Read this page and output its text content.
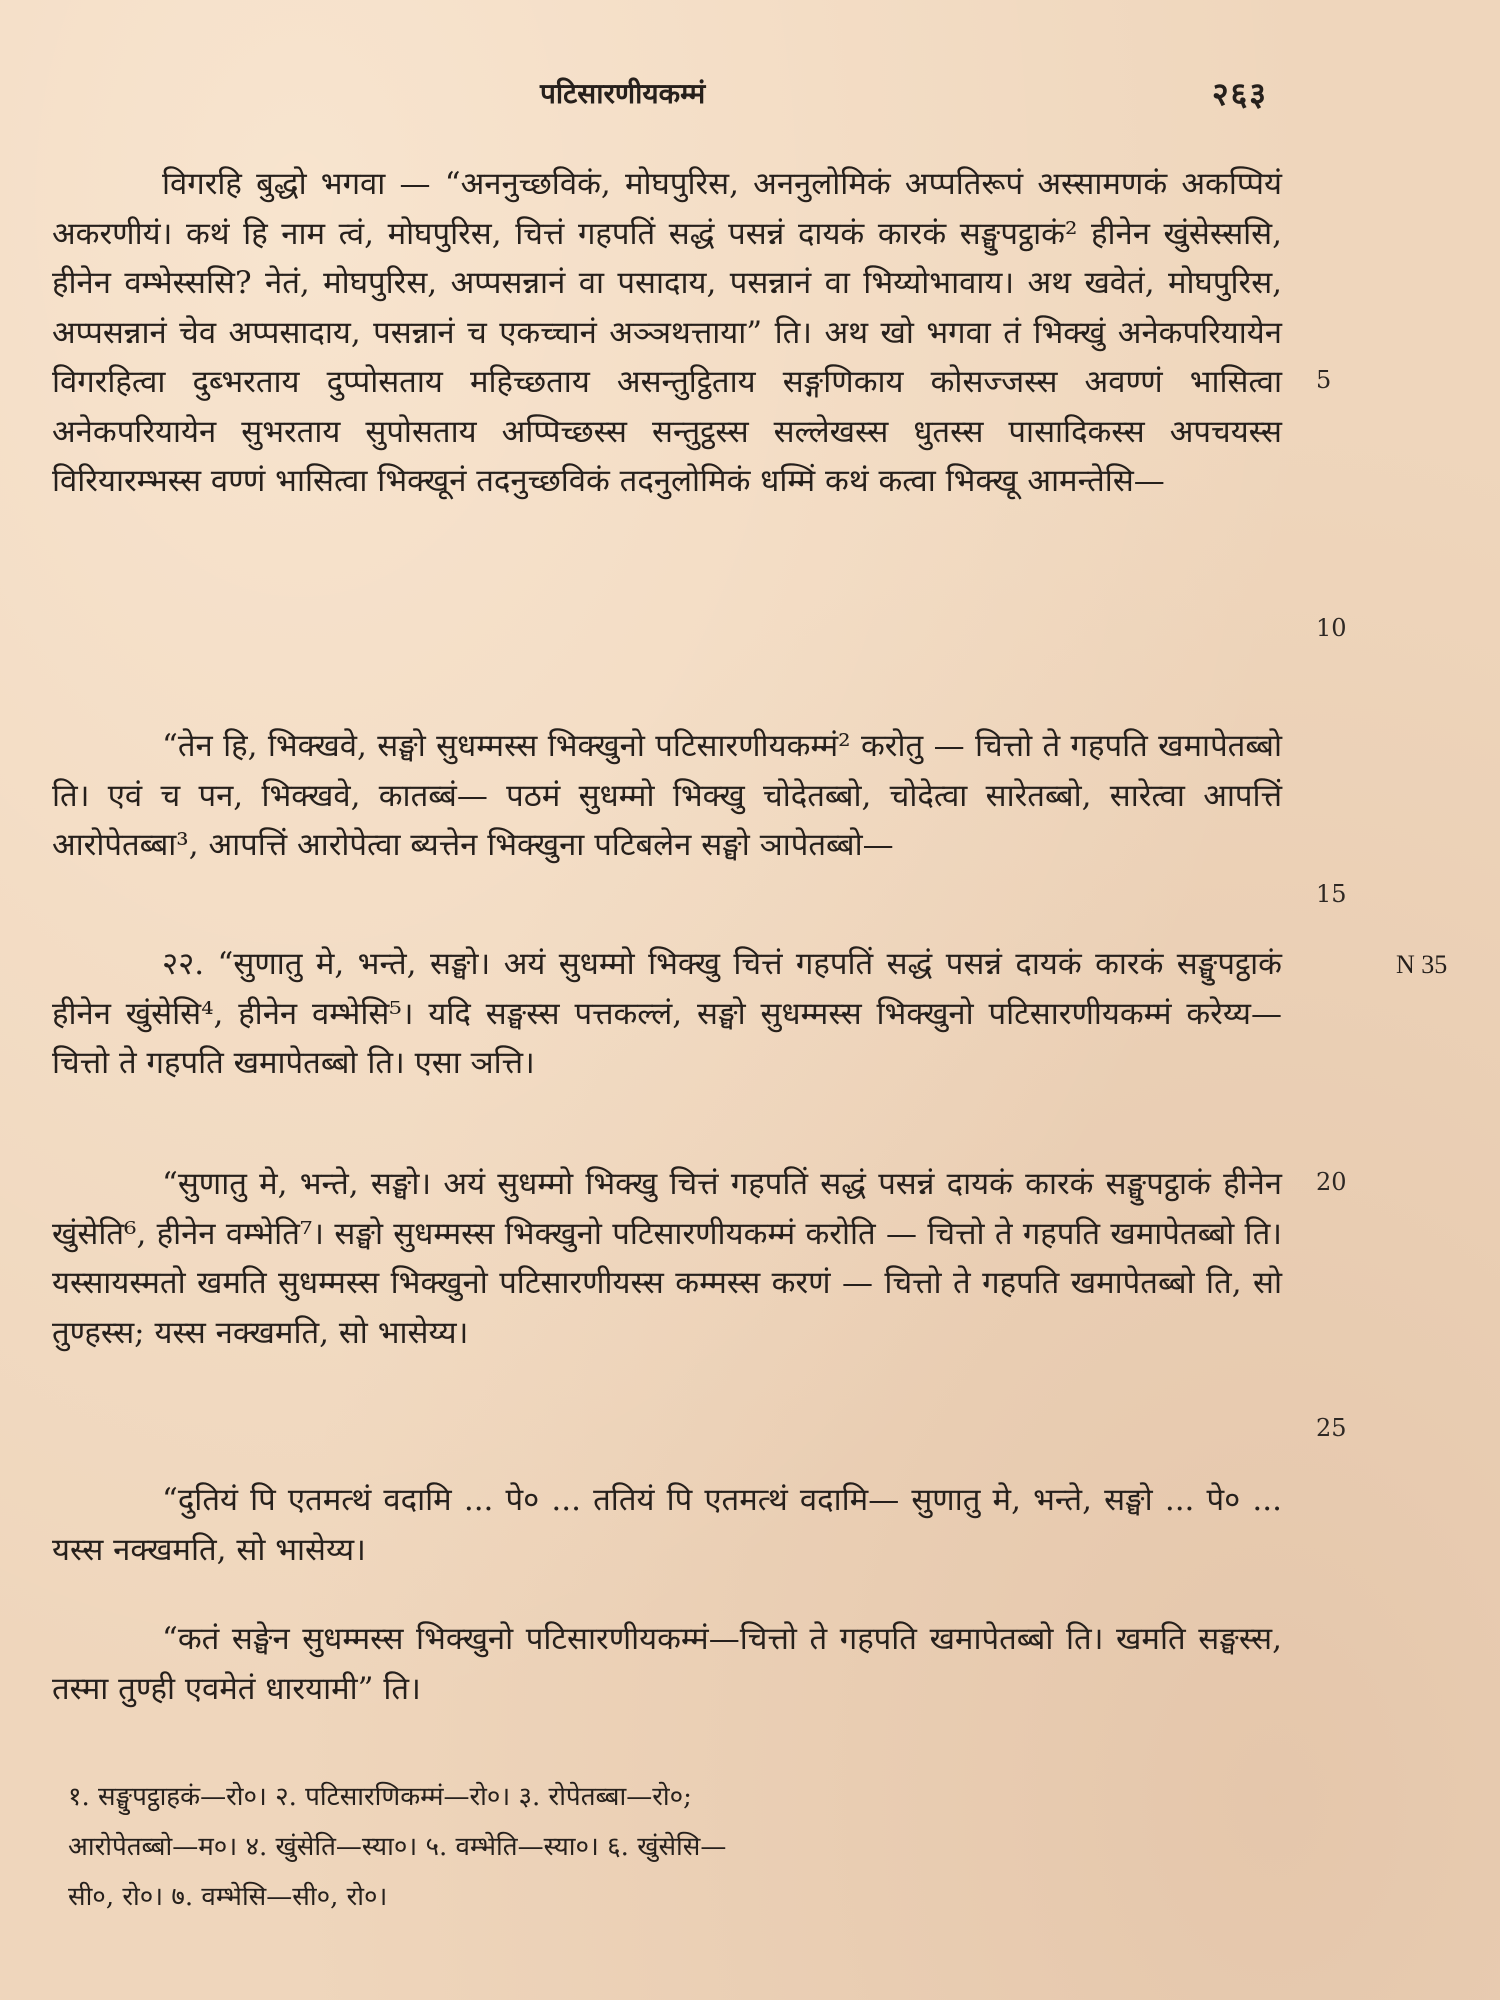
पटिसारणीयकम्मं	२६३

विगरहि बुद्धो भगवा — “अननुच्छविकं, मोघपुरिस, अननुलोमिकं अप्पतिरूपं अस्सामणकं अकप्पियं अकरणीयं। कथं हि नाम त्वं, मोघपुरिस, चित्तं गहपतिं सद्धं पसन्नं दायकं कारकं सङ्घुपट्ठाकं² हीनेन खुंसेस्ससि, हीनेन वम्भेस्ससि? नेतं, मोघपुरिस, अप्पसन्नानं वा पसादाय, पसन्नानं वा भिय्योभावाय। अथ खवेतं, मोघपुरिस, अप्पसन्नानं चेव अप्पसादाय, पसन्नानं च एकच्चानं अञ्ञथत्ताया” ति। अथ खो भगवा तं भिक्खुं अनेकपरियायेन विगरहित्वा दुब्भरताय दुप्पोसताय महिच्छताय असन्तुट्ठिताय सङ्गणिकाय कोसज्जस्स अवण्णं भासित्वा अनेकपरियायेन सुभरताय सुपोसताय अप्पिच्छस्स सन्तुट्ठस्स सल्लेखस्स धुतस्स पासादिकस्स अपचयस्स विरियारम्भस्स वण्णं भासित्वा भिक्खूनं तदनुच्छविकं तदनुलोमिकं धम्मिं कथं कत्वा भिक्खू आमन्तेसि—

“तेन हि, भिक्खवे, सङ्घो सुधम्मस्स भिक्खुनो पटिसारणीयकम्मं² करोतु — चित्तो ते गहपति खमापेतब्बो ति। एवं च पन, भिक्खवे, कातब्बं— पठमं सुधम्मो भिक्खु चोदेतब्बो, चोदेत्वा सारेतब्बो, सारेत्वा आपत्तिं आरोपेतब्बा³, आपत्तिं आरोपेत्वा ब्यत्तेन भिक्खुना पटिबलेन सङ्घो ञापेतब्बो—

२२. “सुणातु मे, भन्ते, सङ्घो। अयं सुधम्मो भिक्खु चित्तं गहपतिं सद्धं पसन्नं दायकं कारकं सङ्घुपट्ठाकं हीनेन खुंसेसि⁴, हीनेन वम्भेसि⁵। यदि सङ्घस्स पत्तकल्लं, सङ्घो सुधम्मस्स भिक्खुनो पटिसारणीयकम्मं करेय्य—चित्तो ते गहपति खमापेतब्बो ति। एसा ञत्ति।

“सुणातु मे, भन्ते, सङ्घो। अयं सुधम्मो भिक्खु चित्तं गहपतिं सद्धं पसन्नं दायकं कारकं सङ्घुपट्ठाकं हीनेन खुंसेति⁶, हीनेन वम्भेति⁷। सङ्घो सुधम्मस्स भिक्खुनो पटिसारणीयकम्मं करोति — चित्तो ते गहपति खमापेतब्बो ति। यस्सायस्मतो खमति सुधम्मस्स भिक्खुनो पटिसारणीयस्स कम्मस्स करणं — चित्तो ते गहपति खमापेतब्बो ति, सो तुण्हस्स; यस्स नक्खमति, सो भासेय्य।

“दुतियं पि एतमत्थं वदामि ... पे० ... ततियं पि एतमत्थं वदामि— सुणातु मे, भन्ते, सङ्घो ... पे० ... यस्स नक्खमति, सो भासेय्य।

“कतं सङ्घेन सुधम्मस्स भिक्खुनो पटिसारणीयकम्मं—चित्तो ते गहपति खमापेतब्बो ति। खमति सङ्घस्स, तस्मा तुण्ही एवमेतं धारयामी” ति।

5
10
15
20
25
N 35

१. सङ्घुपट्ठाहकं—रो०। २. पटिसारणिकम्मं—रो०। ३. रोपेतब्बा—रो०;

आरोपेतब्बो—म०। ४. खुंसेति—स्या०। ५. वम्भेति—स्या०। ६. खुंसेसि—

सी०, रो०। ७. वम्भेसि—सी०, रो०।
